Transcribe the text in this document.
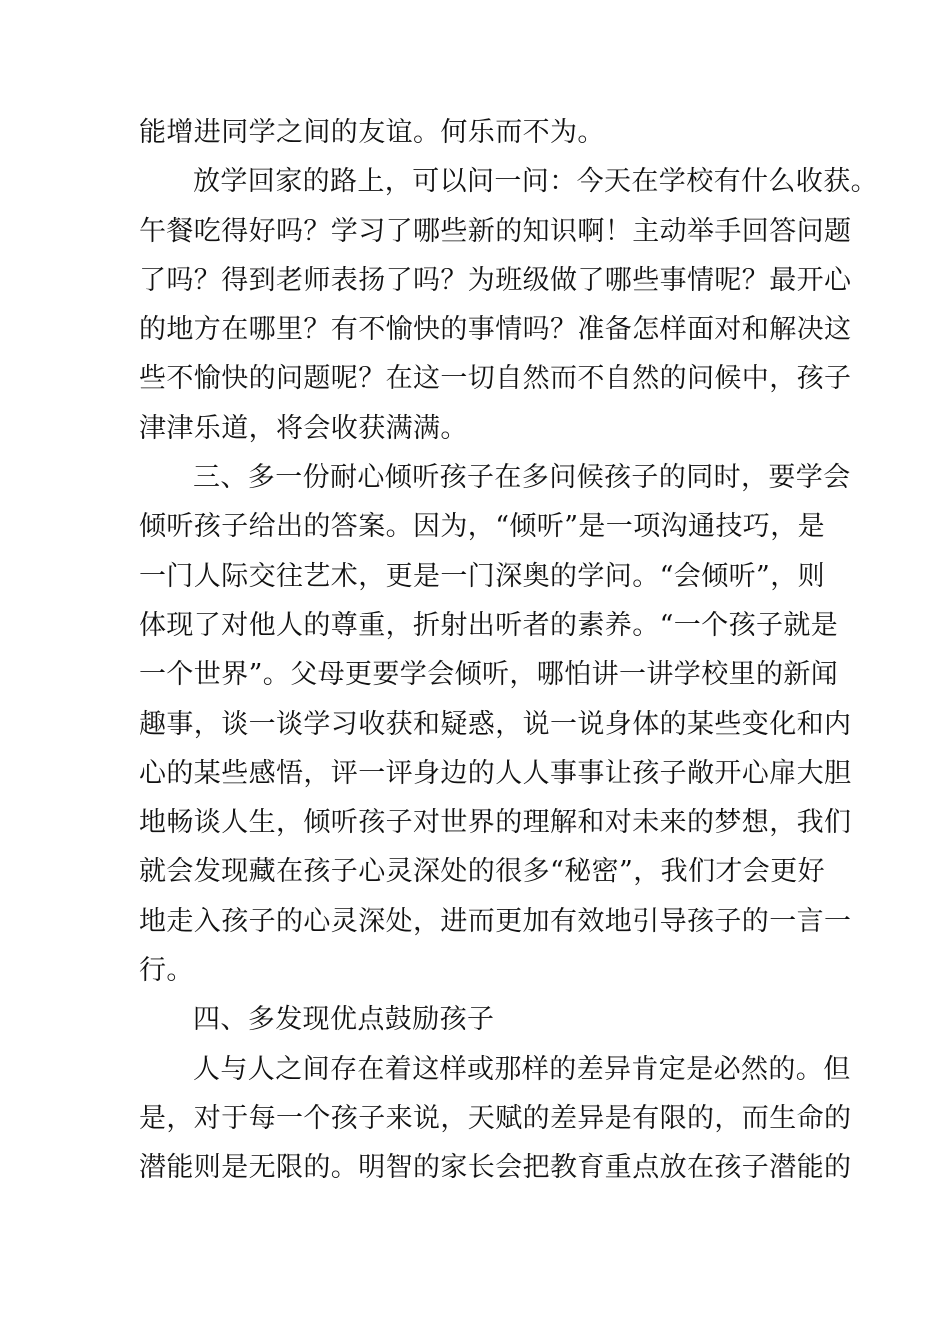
能增进同学之间的友谊。何乐而不为。
放学回家的路上，可以问一问：今天在学校有什么收获。
午餐吃得好吗？学习了哪些新的知识啊！主动举手回答问题
了吗？得到老师表扬了吗？为班级做了哪些事情呢？最开心
的地方在哪里？有不愉快的事情吗？准备怎样面对和解决这
些不愉快的问题呢？在这一切自然而不自然的问候中，孩子
津津乐道，将会收获满满。
三、多一份耐心倾听孩子在多问候孩子的同时，要学会
倾听孩子给出的答案。因为，“倾听”是一项沟通技巧，是
一门人际交往艺术，更是一门深奥的学问。“会倾听”，则
体现了对他人的尊重，折射出听者的素养。“一个孩子就是
一个世界”。父母更要学会倾听，哪怕讲一讲学校里的新闻
趣事，谈一谈学习收获和疑惑，说一说身体的某些变化和内
心的某些感悟，评一评身边的人人事事让孩子敞开心扉大胆
地畅谈人生，倾听孩子对世界的理解和对未来的梦想，我们
就会发现藏在孩子心灵深处的很多“秘密”，我们才会更好
地走入孩子的心灵深处，进而更加有效地引导孩子的一言一
行。
四、多发现优点鼓励孩子
人与人之间存在着这样或那样的差异肯定是必然的。但
是，对于每一个孩子来说，天赋的差异是有限的，而生命的
潜能则是无限的。明智的家长会把教育重点放在孩子潜能的
